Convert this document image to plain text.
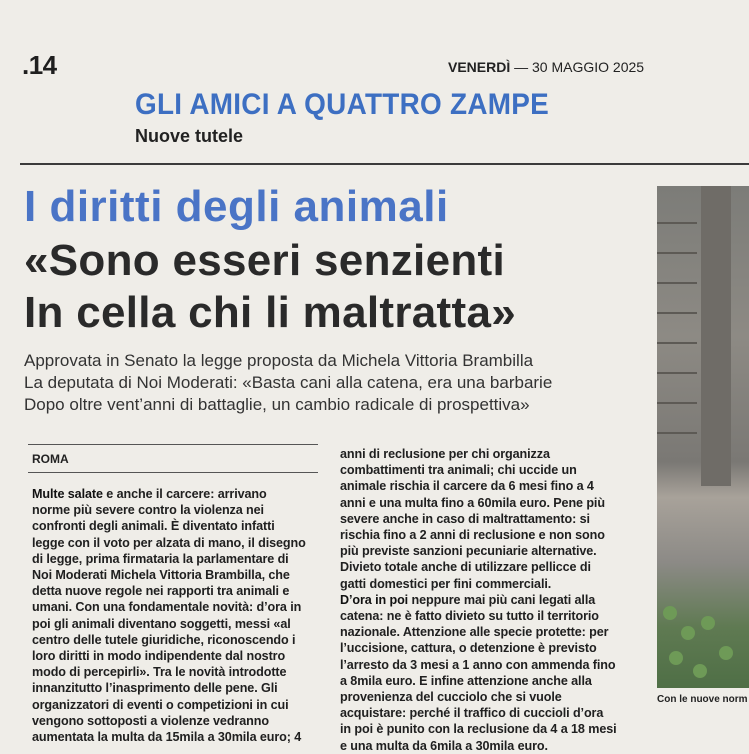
.14	VENERDÌ — 30 MAGGIO 2025
GLI AMICI A QUATTRO ZAMPE
Nuove tutele
I diritti degli animali
«Sono esseri senzienti
In cella chi li maltratta»
Approvata in Senato la legge proposta da Michela Vittoria Brambilla
La deputata di Noi Moderati: «Basta cani alla catena, era una barbarie
Dopo oltre vent’anni di battaglie, un cambio radicale di prospettiva»
ROMA
Multe salate e anche il carcere: arrivano
norme più severe contro la violenza nei
confronti degli animali. È diventato infatti
legge con il voto per alzata di mano, il disegno
di legge, prima firmataria la parlamentare di
Noi Moderati Michela Vittoria Brambilla, che
detta nuove regole nei rapporti tra animali e
umani. Con una fondamentale novità: d’ora in
poi gli animali diventano soggetti, messi «al
centro delle tutele giuridiche, riconoscendo i
loro diritti in modo indipendente dal nostro
modo di percepirli». Tra le novità introdotte
innanzitutto l’inasprimento delle pene. Gli
organizzatori di eventi o competizioni in cui
vengono sottoposti a violenze vedranno
aumentata la multa da 15mila a 30mila euro; 4
anni di reclusione per chi organizza
combattimenti tra animali; chi uccide un
animale rischia il carcere da 6 mesi fino a 4
anni e una multa fino a 60mila euro. Pene più
severe anche in caso di maltrattamento: si
rischia fino a 2 anni di reclusione e non sono
più previste sanzioni pecuniarie alternative.
Divieto totale anche di utilizzare pellicce di
gatti domestici per fini commerciali.
D’ora in poi neppure mai più cani legati alla
catena: ne è fatto divieto su tutto il territorio
nazionale. Attenzione alle specie protette: per
l’uccisione, cattura, o detenzione è previsto
l’arresto da 3 mesi a 1 anno con ammenda fino
a 8mila euro. E infine attenzione anche alla
provenienza del cucciolo che si vuole
acquistare: perché il traffico di cuccioli d’ora
in poi è punito con la reclusione da 4 a 18 mesi
e una multa da 6mila a 30mila euro.
Con le nuove norm
